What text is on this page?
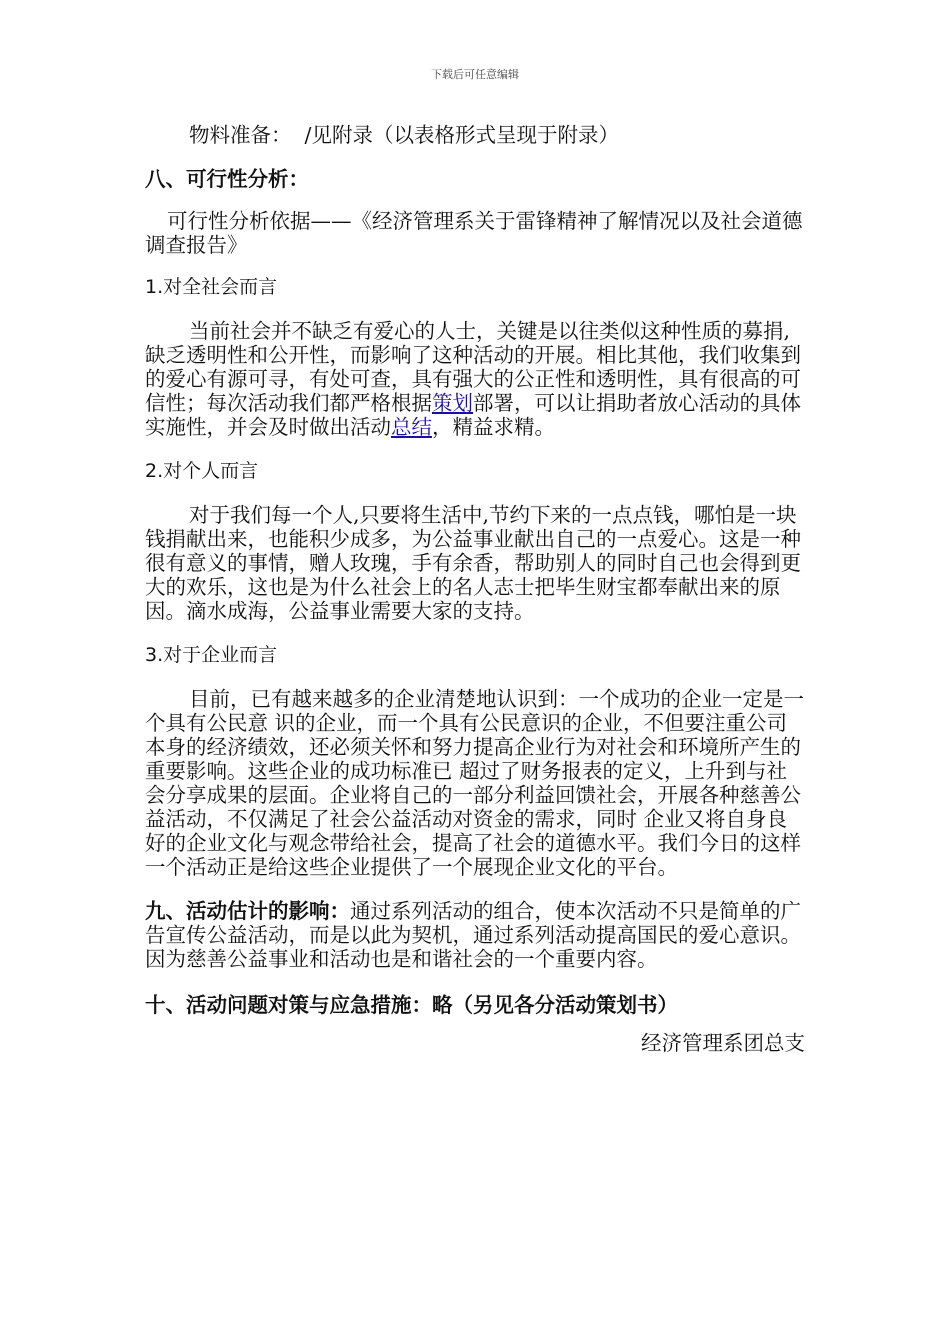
下载后可任意编辑

物料准备： /见附录（以表格形式呈现于附录）

八、可行性分析：

可行性分析依据——《经济管理系关于雷锋精神了解情况以及社会道德调查报告》

1.对全社会而言

当前社会并不缺乏有爱心的人士，关键是以往类似这种性质的募捐,缺乏透明性和公开性，而影响了这种活动的开展。相比其他，我们收集到的爱心有源可寻，有处可查，具有强大的公正性和透明性，具有很高的可信性；每次活动我们都严格根据策划部署，可以让捐助者放心活动的具体实施性，并会及时做出活动总结，精益求精。

2.对个人而言

对于我们每一个人,只要将生活中,节约下来的一点点钱，哪怕是一块钱捐献出来，也能积少成多，为公益事业献出自己的一点爱心。这是一种很有意义的事情，赠人玫瑰，手有余香，帮助别人的同时自己也会得到更大的欢乐，这也是为什么社会上的名人志士把毕生财宝都奉献出来的原因。滴水成海，公益事业需要大家的支持。

3.对于企业而言

目前，已有越来越多的企业清楚地认识到：一个成功的企业一定是一个具有公民意 识的企业，而一个具有公民意识的企业，不但要注重公司本身的经济绩效，还必须关怀和努力提高企业行为对社会和环境所产生的重要影响。这些企业的成功标准已 超过了财务报表的定义，上升到与社会分享成果的层面。企业将自己的一部分利益回馈社会，开展各种慈善公益活动，不仅满足了社会公益活动对资金的需求，同时 企业又将自身良好的企业文化与观念带给社会，提高了社会的道德水平。我们今日的这样一个活动正是给这些企业提供了一个展现企业文化的平台。

九、活动估计的影响：通过系列活动的组合，使本次活动不只是简单的广告宣传公益活动，而是以此为契机，通过系列活动提高国民的爱心意识。因为慈善公益事业和活动也是和谐社会的一个重要内容。

十、活动问题对策与应急措施：略（另见各分活动策划书）

经济管理系团总支
